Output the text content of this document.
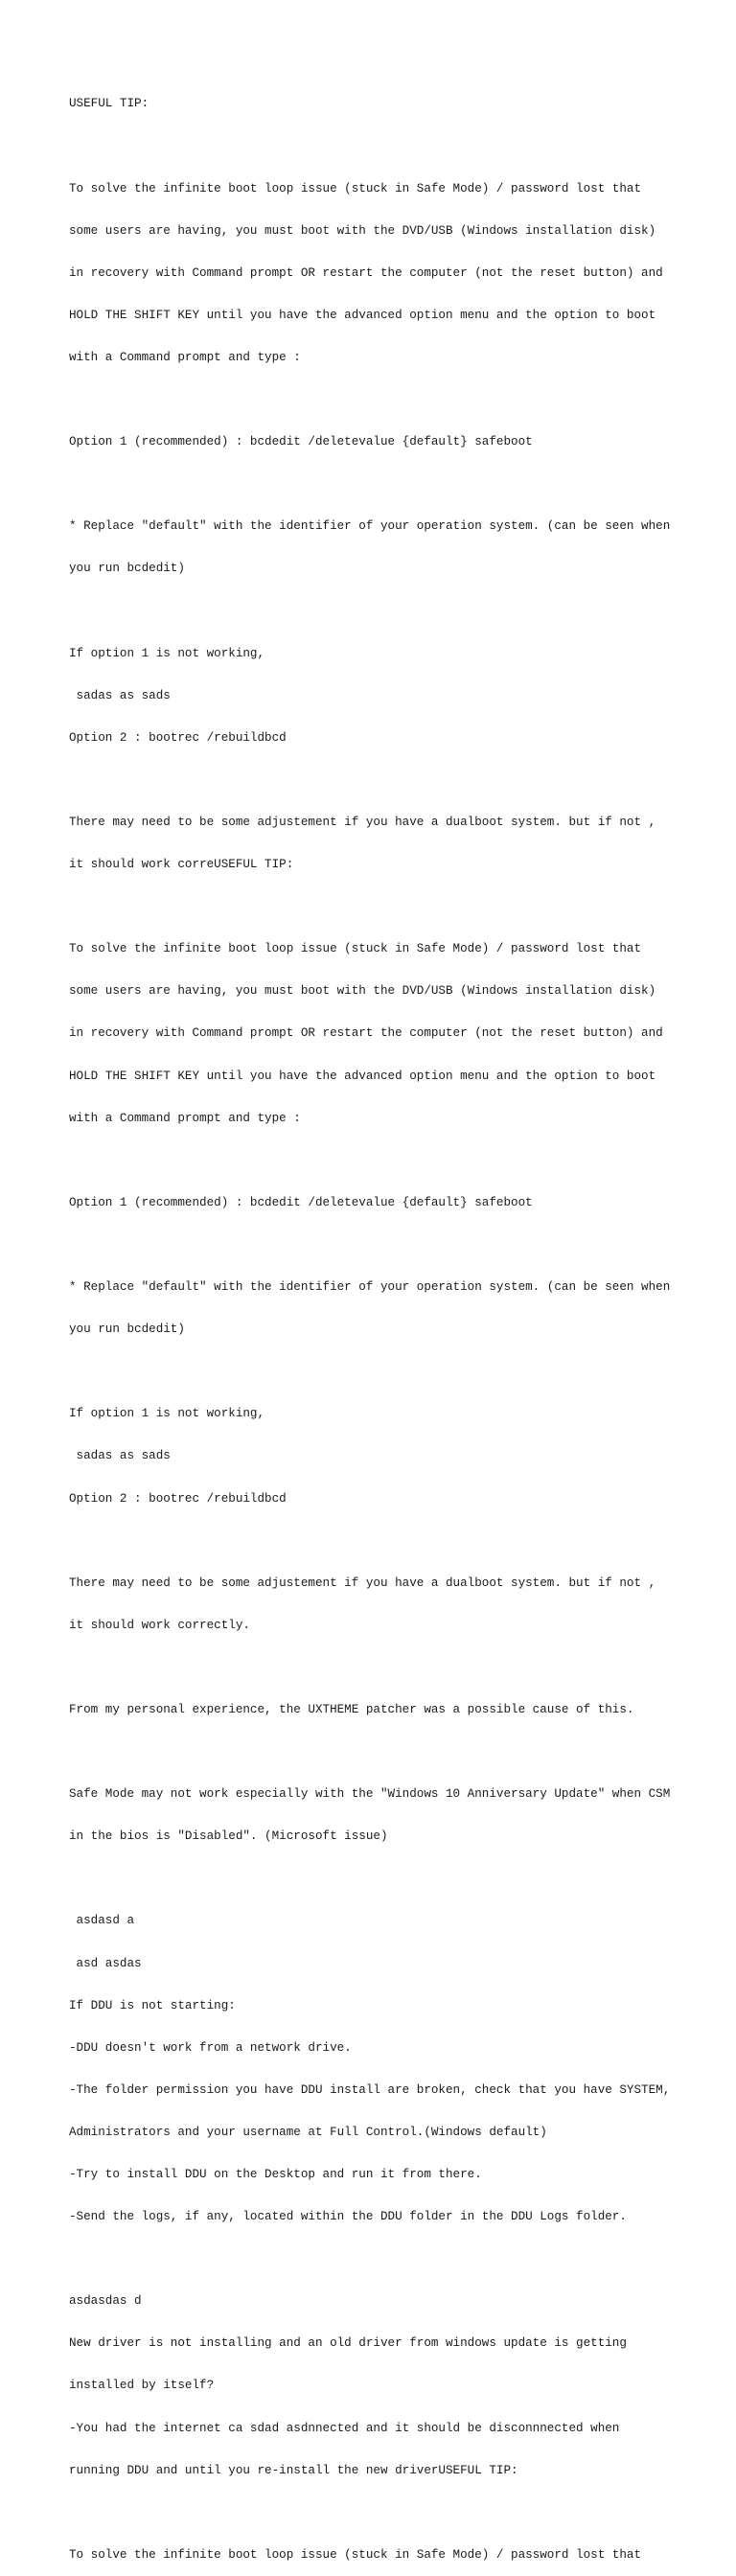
USEFUL TIP:

To solve the infinite boot loop issue (stuck in Safe Mode) / password lost that

some users are having, you must boot with the DVD/USB (Windows installation disk)

in recovery with Command prompt OR restart the computer (not the reset button) and

HOLD THE SHIFT KEY until you have the advanced option menu and the option to boot

with a Command prompt and type :

Option 1 (recommended) : bcdedit /deletevalue {default} safeboot

* Replace "default" with the identifier of your operation system. (can be seen when

you run bcdedit)

If option 1 is not working,

sadas as sads

Option 2 : bootrec /rebuildbcd

There may need to be some adjustement if you have a dualboot system. but if not ,

it should work correUSEFUL TIP:

To solve the infinite boot loop issue (stuck in Safe Mode) / password lost that

some users are having, you must boot with the DVD/USB (Windows installation disk)

in recovery with Command prompt OR restart the computer (not the reset button) and

HOLD THE SHIFT KEY until you have the advanced option menu and the option to boot

with a Command prompt and type :

Option 1 (recommended) : bcdedit /deletevalue {default} safeboot

* Replace "default" with the identifier of your operation system. (can be seen when

you run bcdedit)

If option 1 is not working,

sadas as sads

Option 2 : bootrec /rebuildbcd

There may need to be some adjustement if you have a dualboot system. but if not ,

it should work correctly.

From my personal experience, the UXTHEME patcher was a possible cause of this.

Safe Mode may not work especially with the "Windows 10 Anniversary Update" when CSM

in the bios is "Disabled". (Microsoft issue)

asdasd a

asd asdas

If DDU is not starting:

-DDU doesn't work from a network drive.

-The folder permission you have DDU install are broken, check that you have SYSTEM,

Administrators and your username at Full Control.(Windows default)

-Try to install DDU on the Desktop and run it from there.

-Send the logs, if any, located within the DDU folder in the DDU Logs folder.

asdasdas d

New driver is not installing and an old driver from windows update is getting

installed by itself?

-You had the internet ca sdad asdnnected and it should be disconnnected when

running DDU and until you re-install the new driverUSEFUL TIP:

To solve the infinite boot loop issue (stuck in Safe Mode) / password lost that
